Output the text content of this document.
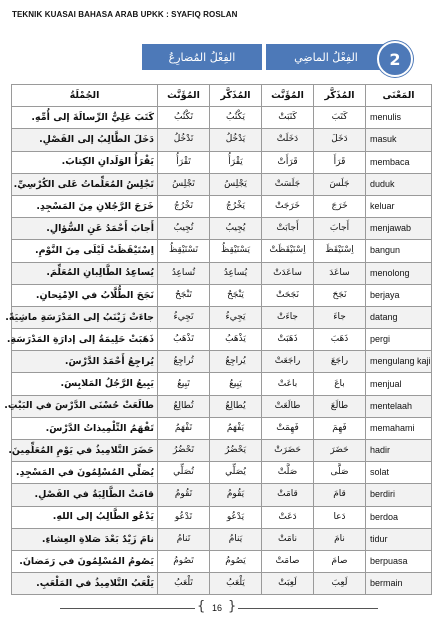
TEKNIK KUASAI BAHASA ARAB UPKK : SYAFIQ ROSLAN
الفِعْلُ المُضارِعُ	الفِعْلُ الماضِي	2
الجُمْلَةُ	المُؤَنَّث	المُذَكَّر	المُؤَنَّث	المُذَكَّر	المَعْنَى
كَتَبَ عَلِيٌّ الرِّسالَةَ إلى أُمِّهِ.	تَكْتُبُ	يَكْتُبُ	كَتَبَتْ	كَتَبَ	menulis
دَخَلَ الطَّالِبُ إلى الفَصْلِ.	تَدْخُلُ	يَدْخُلُ	دَخَلَتْ	دَخَلَ	masuk
يَقْرَأُ الوَلَدانِ الكِتابَ.	تَقْرَأُ	يَقْرَأُ	قَرَأَتْ	قَرَأَ	membaca
تَجْلِسُ المُعَلِّماتُ عَلى الكُرْسِيِّ.	تَجْلِسُ	يَجْلِسُ	جَلَسَتْ	جَلَسَ	duduk
خَرَجَ الرَّجُلانِ مِنَ المَسْجِدِ.	تَخْرُجُ	يَخْرُجُ	خَرَجَتْ	خَرَجَ	keluar
أَجابَ أَحْمَدُ عَنِ السُّؤالِ.	تُجِيبُ	يُجِيبُ	أَجابَتْ	أَجابَ	menjawab
اِسْتَيْقَظَتْ لَيْلَى مِنَ النَّوْمِ.	تَسْتَيْقِظُ	يَسْتَيْقِظُ	اِسْتَيْقَظَتْ	اِسْتَيْقَظَ	bangun
يُساعِدُ الطَّالِبانِ المُعَلِّمَ.	تُساعِدُ	يُساعِدُ	ساعَدَتْ	ساعَدَ	menolong
نَجَحَ الطُّلَّابُ في الاِمْتِحانِ.	تَنْجَحُ	يَنْجَحُ	نَجَحَتْ	نَجَحَ	berjaya
جاءَتْ زَيْنَبُ إلى المَدْرَسَةِ ماشِيَةً.	تَجِيءُ	يَجِيءُ	جاءَتْ	جاءَ	datang
ذَهَبَتْ حَلِيمَةُ إلى إدارَةِ المَدْرَسَةِ.	تَذْهَبُ	يَذْهَبُ	ذَهَبَتْ	ذَهَبَ	pergi
يُراجِعُ أَحْمَدُ الدَّرْسَ.	تُراجِعُ	يُراجِعُ	راجَعَتْ	راجَعَ	mengulang kaji
يَبِيعُ الرَّجُلُ المَلابِسَ.	تَبِيعُ	يَبِيعُ	باعَتْ	باعَ	menjual
طالَعَتْ حُسْنَى الدَّرْسَ في البَيْتِ.	تُطالِعُ	يُطالِعُ	طالَعَتْ	طالَعَ	mentelaah
تَفْهَمُ التِّلْمِيذاتُ الدَّرْسَ.	تَفْهَمُ	يَفْهَمُ	فَهِمَتْ	فَهِمَ	memahami
حَضَرَ التَّلامِيذُ في يَوْمِ المُعَلِّمِينَ.	تَحْضُرُ	يَحْضُرُ	حَضَرَتْ	حَضَرَ	hadir
يُصَلِّي المُسْلِمُونَ في المَسْجِدِ.	تُصَلِّي	يُصَلِّي	صَلَّتْ	صَلَّى	solat
قامَتْ الطَّالِبَةُ في الفَصْلِ.	تَقُومُ	يَقُومُ	قامَتْ	قامَ	berdiri
يَدْعُو الطَّالِبُ إلى اللهِ.	تَدْعُو	يَدْعُو	دَعَتْ	دَعا	berdoa
نامَ زَيْدٌ بَعْدَ صَلاةِ العِشاءِ.	تَنامُ	يَنامُ	نامَتْ	نامَ	tidur
يَصُومُ المُسْلِمُونَ في رَمَضانَ.	تَصُومُ	يَصُومُ	صامَتْ	صامَ	berpuasa
يَلْعَبُ التَّلامِيذُ في المَلْعَبِ.	تَلْعَبُ	يَلْعَبُ	لَعِبَتْ	لَعِبَ	bermain
{ 16 }
